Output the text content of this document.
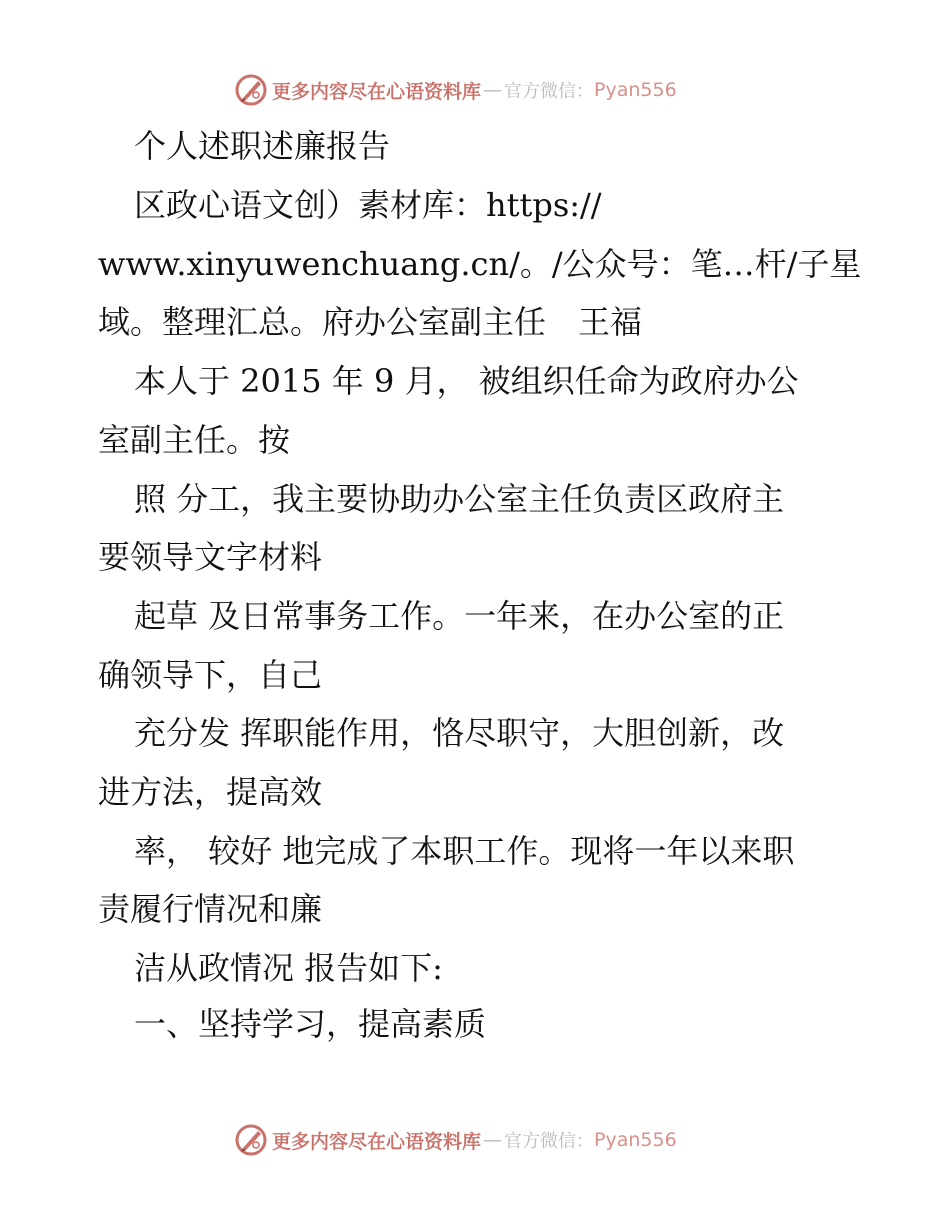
更多内容尽在心语资料库 — 官方微信： Pyan556
个人述职述廉报告
区政心语文创）素材库：https://
www.xinyuwenchuang.cn/。/公众号：笔…杆/子星
域。整理汇总。府办公室副主任　王福
本人于 2015 年 9 月， 被组织任命为政府办公
室副主任。按
照 分工，我主要协助办公室主任负责区政府主
要领导文字材料
起草 及日常事务工作。一年来，在办公室的正
确领导下，自己
充分发 挥职能作用，恪尽职守，大胆创新，改
进方法，提高效
率， 较好 地完成了本职工作。现将一年以来职
责履行情况和廉
洁从政情况 报告如下:
一、坚持学习，提高素质
更多内容尽在心语资料库 — 官方微信： Pyan556
